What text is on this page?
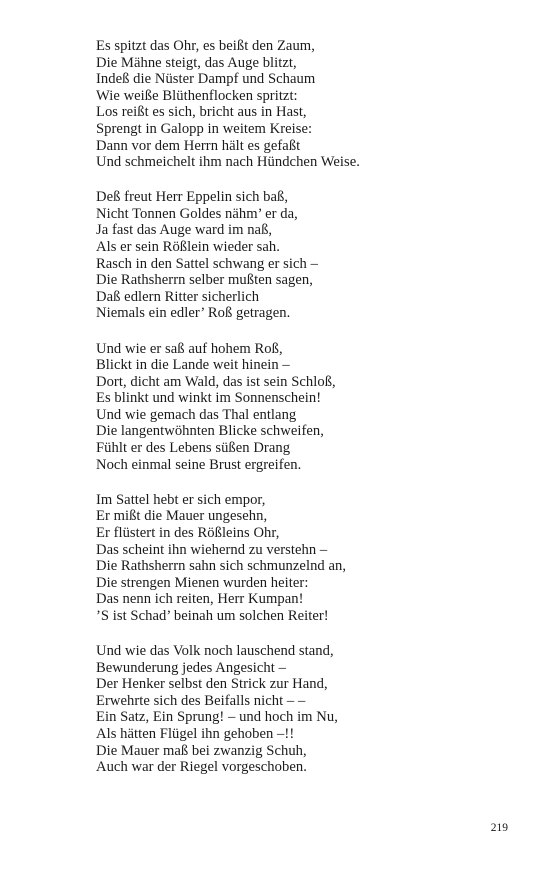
Es spitzt das Ohr, es beißt den Zaum,
Die Mähne steigt, das Auge blitzt,
Indeß die Nüster Dampf und Schaum
Wie weiße Blüthenflocken spritzt:
Los reißt es sich, bricht aus in Hast,
Sprengt in Galopp in weitem Kreise:
Dann vor dem Herrn hält es gefaßt
Und schmeichelt ihm nach Hündchen Weise.
Deß freut Herr Eppelin sich baß,
Nicht Tonnen Goldes nähm’ er da,
Ja fast das Auge ward im naß,
Als er sein Rößlein wieder sah.
Rasch in den Sattel schwang er sich –
Die Rathsherrn selber mußten sagen,
Daß edlern Ritter sicherlich
Niemals ein edler’ Roß getragen.
Und wie er saß auf hohem Roß,
Blickt in die Lande weit hinein –
Dort, dicht am Wald, das ist sein Schloß,
Es blinkt und winkt im Sonnenschein!
Und wie gemach das Thal entlang
Die langentwöhnten Blicke schweifen,
Fühlt er des Lebens süßen Drang
Noch einmal seine Brust ergreifen.
Im Sattel hebt er sich empor,
Er mißt die Mauer ungesehn,
Er flüstert in des Rößleins Ohr,
Das scheint ihn wiehernd zu verstehn –
Die Rathsherrn sahn sich schmunzelnd an,
Die strengen Mienen wurden heiter:
Das nenn ich reiten, Herr Kumpan!
’S ist Schad’ beinah um solchen Reiter!
Und wie das Volk noch lauschend stand,
Bewunderung jedes Angesicht –
Der Henker selbst den Strick zur Hand,
Erwehrte sich des Beifalls nicht – –
Ein Satz, Ein Sprung! – und hoch im Nu,
Als hätten Flügel ihn gehoben –!!
Die Mauer maß bei zwanzig Schuh,
Auch war der Riegel vorgeschoben.
219
